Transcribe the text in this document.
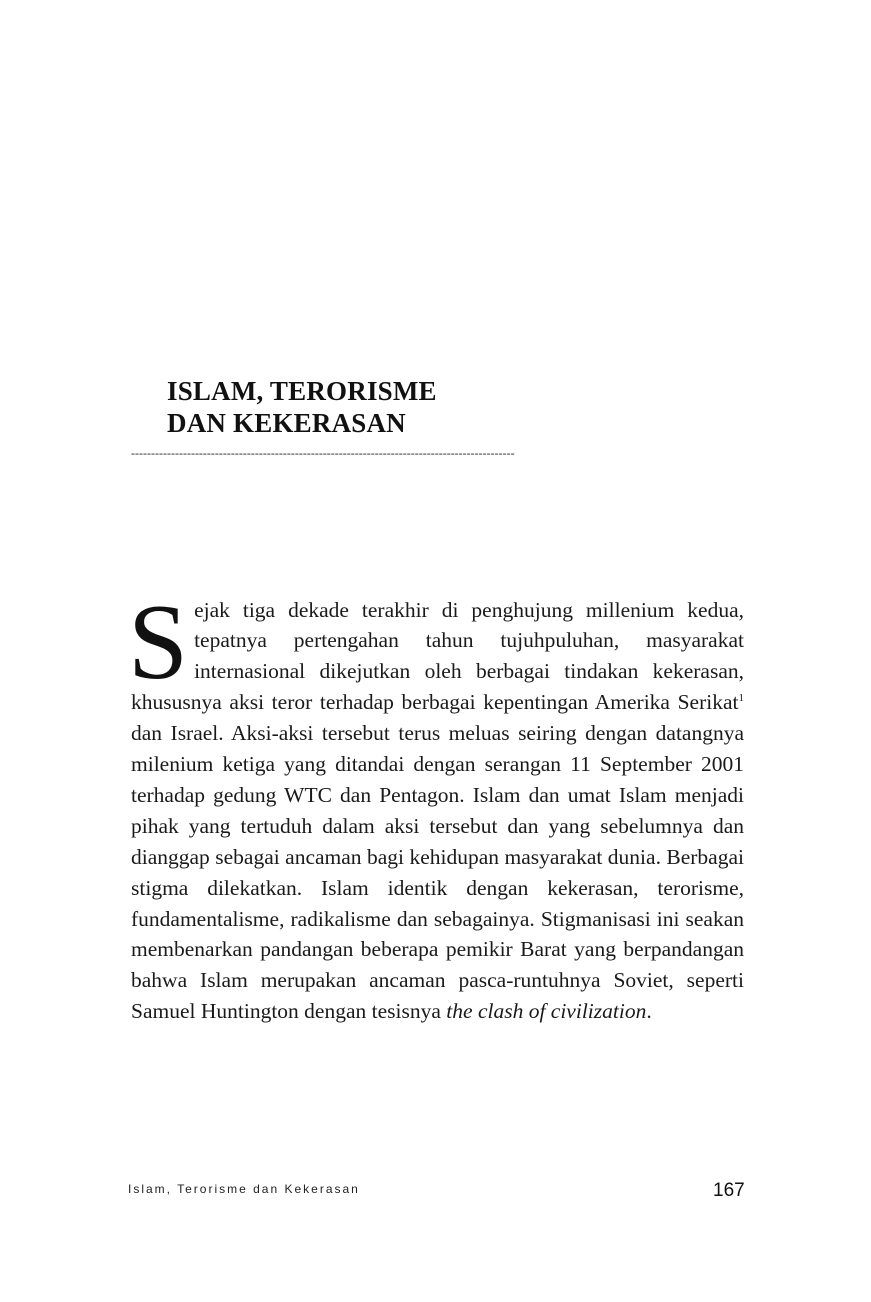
ISLAM, TERORISME
DAN KEKERASAN
------------------------------------------------------------------------------------------------

Sejak tiga dekade terakhir di penghujung millenium kedua, tepatnya pertengahan tahun tujuhpuluhan, masyarakat internasional dikejutkan oleh berbagai tindakan kekerasan, khususnya aksi teror terhadap berbagai kepentingan Amerika Serikat$^1$ dan Israel. Aksi-aksi tersebut terus meluas seiring dengan datangnya milenium ketiga yang ditandai dengan serangan 11 September 2001 terhadap gedung WTC dan Pentagon. Islam dan umat Islam menjadi pihak yang tertuduh dalam aksi tersebut dan yang sebelumnya dan dianggap sebagai ancaman bagi kehidupan masyarakat dunia. Berbagai stigma dilekatkan. Islam identik dengan kekerasan, terorisme, fundamentalisme, radikalisme dan sebagainya. Stigmanisasi ini seakan membenarkan pandangan beberapa pemikir Barat yang berpandangan bahwa Islam merupakan ancaman pasca-runtuhnya Soviet, seperti Samuel Huntington dengan tesisnya the clash of civilization.

Islam, Terorisme dan Kekerasan	167
